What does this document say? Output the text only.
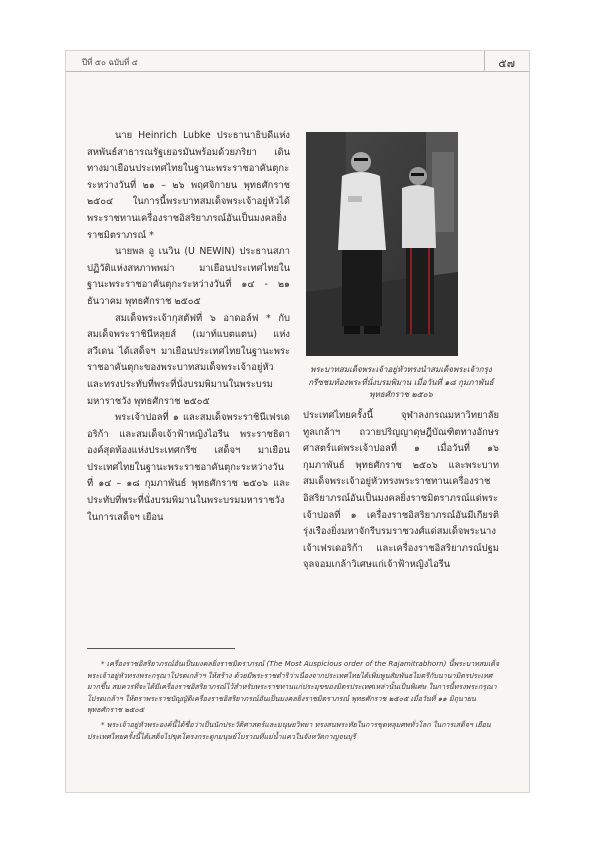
ปีที่ ๕๐ ฉบับที่ ๔	๕๗

นาย Heinrich Lubke ประธานาธิบดีแห่งสหพันธ์สาธารณรัฐเยอรมันพร้อมด้วยภริยา เดินทางมาเยือนประเทศไทยในฐานะพระราชอาคันตุกะระหว่างวันที่ ๒๑ – ๒๖ พฤศจิกายน พุทธศักราช ๒๕๐๔ ในการนี้พระบาทสมเด็จพระเจ้าอยู่หัวได้พระราชทานเครื่องราชอิสริยาภรณ์อันเป็นมงคลยิ่งราชมิตราภรณ์ *

นายพล อู เนวิน (U NEWIN) ประธานสภาปฏิวัติแห่งสหภาพพม่า มาเยือนประเทศไทยในฐานะพระราชอาคันตุกะระหว่างวันที่ ๑๔ - ๒๑ ธันวาคม พุทธศักราช ๒๕๐๕

สมเด็จพระเจ้ากุสตัฟที่ ๖ อาดอล์ฟ * กับสมเด็จพระราชินีหลุยส์ (เมาท์แบตแตน) แห่งสวีเดน ได้เสด็จฯ มาเยือนประเทศไทยในฐานะพระราชอาคันตุกะของพระบาทสมเด็จพระเจ้าอยู่หัว และทรงประทับที่พระที่นั่งบรมพิมานในพระบรมมหาราชวัง พุทธศักราช ๒๕๐๕

พระเจ้าปอลที่ ๑ และสมเด็จพระราชินีเฟรเดอริก้า และสมเด็จเจ้าฟ้าหญิงไอรีน พระราชธิดาองค์สุดท้องแห่งประเทศกรีซ เสด็จฯ มาเยือนประเทศไทยในฐานะพระราชอาคันตุกะระหว่างวันที่ ๑๔ – ๑๘ กุมภาพันธ์ พุทธศักราช ๒๕๐๖ และประทับที่พระที่นั่งบรมพิมานในพระบรมมหาราชวัง ในการเสด็จฯ เยือน

พระบาทสมเด็จพระเจ้าอยู่หัวทรงนำสมเด็จพระเจ้ากรุงกรีซชมท้องพระที่นั่งบรมพิมาน เมื่อวันที่ ๑๘ กุมภาพันธ์ พุทธศักราช ๒๕๐๖

ประเทศไทยครั้งนี้ จุฬาลงกรณมหาวิทยาลัยทูลเกล้าฯ ถวายปริญญาดุษฎีบัณฑิตทางอักษรศาสตร์แด่พระเจ้าปอลที่ ๑ เมื่อวันที่ ๑๖ กุมภาพันธ์ พุทธศักราช ๒๕๐๖ และพระบาทสมเด็จพระเจ้าอยู่หัวทรงพระราชทานเครื่องราชอิสริยาภรณ์อันเป็นมงคลยิ่งราชมิตราภรณ์แด่พระเจ้าปอลที่ ๑ เครื่องราชอิสริยาภรณ์อันมีเกียรติรุ่งเรืองยิ่งมหาจักรีบรมราชวงศ์แด่สมเด็จพระนางเจ้าเฟรเดอริก้า และเครื่องราชอิสริยาภรณ์ปฐมจุลจอมเกล้าวิเศษแก่เจ้าฟ้าหญิงไอรีน

* เครื่องราชอิสริยาภรณ์อันเป็นมงคลยิ่งราชมิตราภรณ์ (The Most Auspicious order of the Rajamitrabhorn) นี้พระบาทสมเด็จพระเจ้าอยู่หัวทรงพระกรุณาโปรดเกล้าฯ ให้สร้าง ด้วยมีพระราชดำริว่าเนื่องจากประเทศไทยได้เพิ่มพูนสัมพันธไมตรีกับนานามิตรประเทศมากขึ้น สมควรที่จะได้มีเครื่องราชอิสริยาภรณ์ไว้สำหรับพระราชทานแก่ประมุขของมิตรประเทศเหล่านั้นเป็นพิเศษ ในการนี้ทรงพระกรุณาโปรดเกล้าฯ ให้ตราพระราชบัญญัติเครื่องราชอิสริยาภรณ์อันเป็นมงคลยิ่งราชมิตราภรณ์ พุทธศักราช ๒๕๐๕ เมื่อวันที่ ๑๑ มิถุนายน พุทธศักราช ๒๕๐๕

* พระเจ้าอยู่หัวพระองค์นี้ได้ชื่อว่าเป็นนักประวัติศาสตร์และมนุษยวิทยา ทรงสนพระทัยในการขุดหลุมศพทั่วโลก ในการเสด็จฯ เยือนประเทศไทยครั้งนี้ได้เสด็จไปขุดโครงกระดูกมนุษย์โบราณที่แม่น้ำแควในจังหวัดกาญจนบุรี
